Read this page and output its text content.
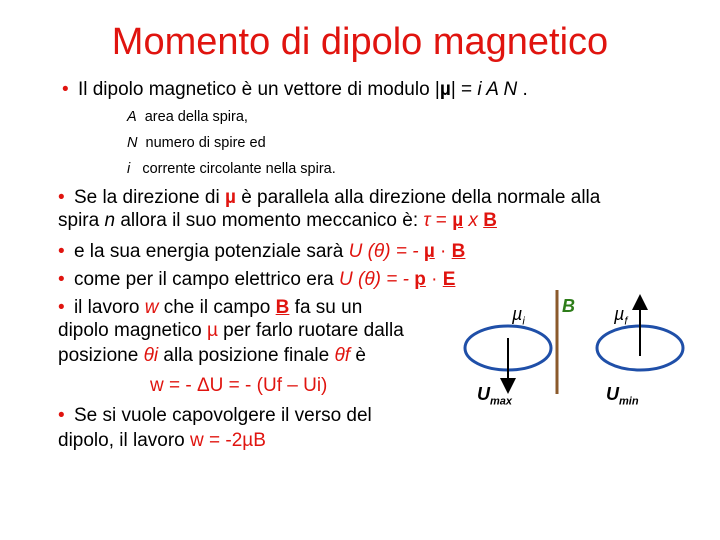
Momento di dipolo magnetico
• Il dipolo magnetico è un vettore di modulo |µ| = i A N .
A area della spira,
N numero di spire ed
i corrente circolante nella spira.
• Se la direzione di µ è parallela alla direzione della normale alla
spira n allora il suo momento meccanico è: τ = µ x B
• e la sua energia potenziale sarà U (θ) = - µ · B
• come per il campo elettrico era U (θ) = - p · E
• il lavoro w che il campo B fa su un
dipolo magnetico µ per farlo ruotare dalla
posizione θi alla posizione finale θf è
w = - ΔU = - (Uf – Ui)
• Se si vuole capovolgere il verso del
dipolo, il lavoro w = -2µB
µ$_i$
B µ$_f$
$U_{max}$	$U_{min}$
